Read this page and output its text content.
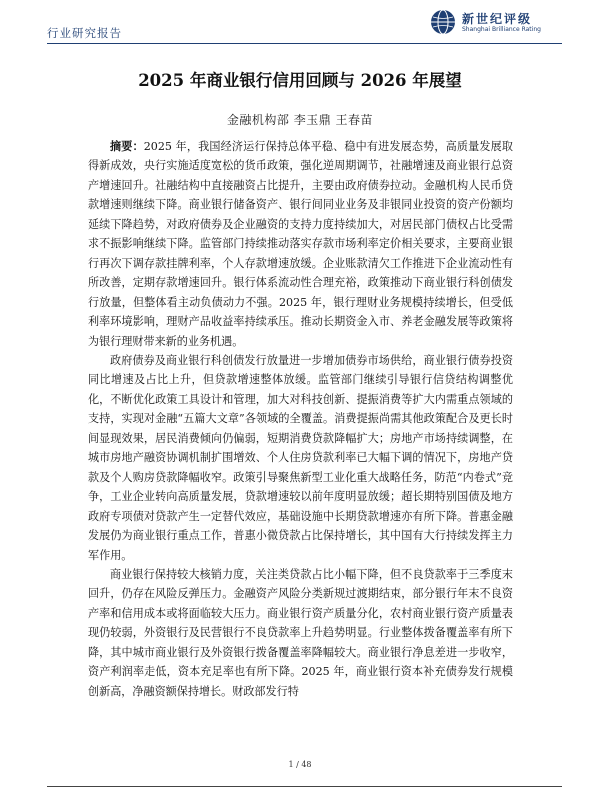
行业研究报告
新世纪评级
Shanghai Brilliance Rating
2025 年商业银行信用回顾与 2026 年展望
金融机构部 李玉鼎 王春苗

摘要：2025 年，我国经济运行保持总体平稳、稳中有进发展态势，高质量发展取得新成效，央行实施适度宽松的货币政策，强化逆周期调节，社融增速及商业银行总资产增速回升。社融结构中直接融资占比提升，主要由政府债券拉动。金融机构人民币贷款增速则继续下降。商业银行储备资产、银行间同业业务及非银同业投资的资产份额均延续下降趋势，对政府债券及企业融资的支持力度持续加大，对居民部门债权占比受需求不振影响继续下降。监管部门持续推动落实存款市场利率定价相关要求，主要商业银行再次下调存款挂牌利率，个人存款增速放缓。企业账款清欠工作推进下企业流动性有所改善，定期存款增速回升。银行体系流动性合理充裕，政策推动下商业银行科创债发行放量，但整体看主动负债动力不强。2025 年，银行理财业务规模持续增长，但受低利率环境影响，理财产品收益率持续承压。推动长期资金入市、养老金融发展等政策将为银行理财带来新的业务机遇。

政府债券及商业银行科创债发行放量进一步增加债券市场供给，商业银行债券投资同比增速及占比上升，但贷款增速整体放缓。监管部门继续引导银行信贷结构调整优化，不断优化政策工具设计和管理，加大对科技创新、提振消费等扩大内需重点领域的支持，实现对金融“五篇大文章”各领域的全覆盖。消费提振尚需其他政策配合及更长时间显现效果，居民消费倾向仍偏弱，短期消费贷款降幅扩大；房地产市场持续调整，在城市房地产融资协调机制扩围增效、个人住房贷款利率已大幅下调的情况下，房地产贷款及个人购房贷款降幅收窄。政策引导聚焦新型工业化重大战略任务，防范“内卷式”竞争，工业企业转向高质量发展，贷款增速较以前年度明显放缓；超长期特别国债及地方政府专项债对贷款产生一定替代效应，基础设施中长期贷款增速亦有所下降。普惠金融发展仍为商业银行重点工作，普惠小微贷款占比保持增长，其中国有大行持续发挥主力军作用。

商业银行保持较大核销力度，关注类贷款占比小幅下降，但不良贷款率于三季度末回升，仍存在风险反弹压力。金融资产风险分类新规过渡期结束，部分银行年末不良资产率和信用成本或将面临较大压力。商业银行资产质量分化，农村商业银行资产质量表现仍较弱，外资银行及民营银行不良贷款率上升趋势明显。行业整体拨备覆盖率有所下降，其中城市商业银行及外资银行拨备覆盖率降幅较大。商业银行净息差进一步收窄，资产利润率走低，资本充足率也有所下降。2025 年，商业银行资本补充债券发行规模创新高，净融资额保持增长。财政部发行特

1 / 48
